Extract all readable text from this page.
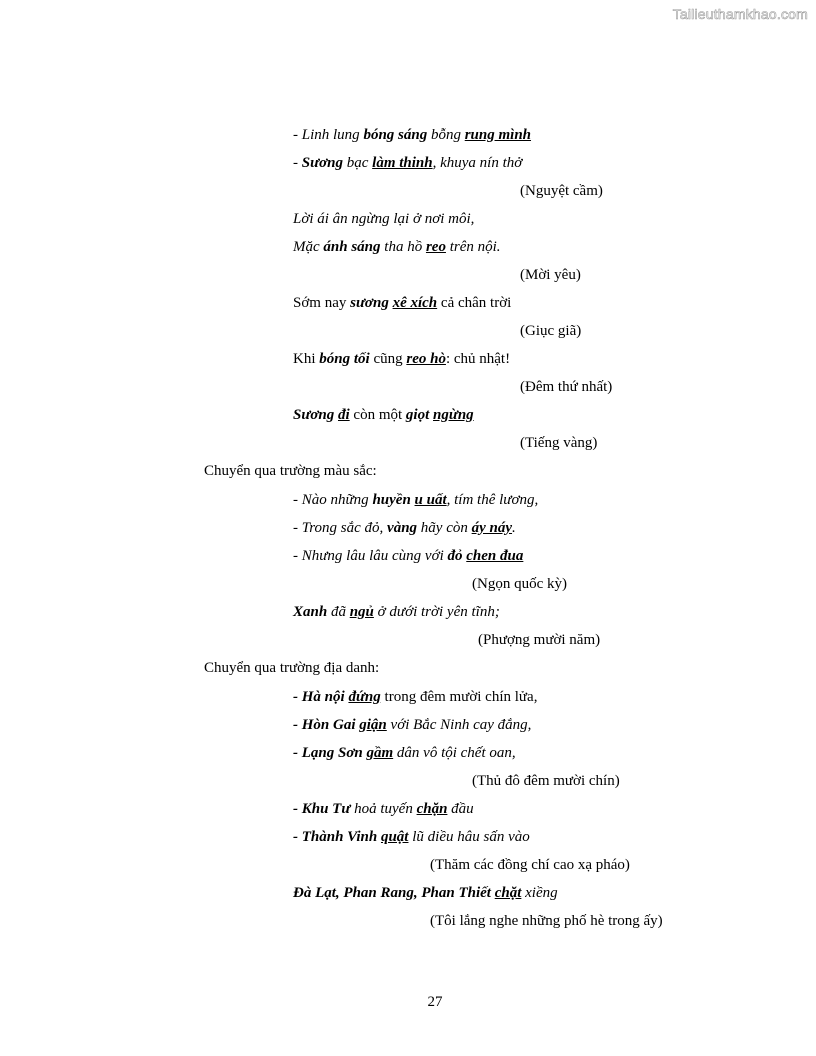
Tailieuthamkhao.com
- Linh lung bóng sáng bỗng rung mình
- Sương bạc làm thinh, khuya nín thở
(Nguyệt cầm)
Lời ái ân ngừng lại ở nơi môi,
Mặc ánh sáng tha hồ reo trên nội.
(Mời yêu)
Sớm nay sương xê xích cả chân trời
(Giục giã)
Khi bóng tối cũng reo hò: chủ nhật!
(Đêm thứ nhất)
Sương đi còn một giọt ngừng
(Tiếng vàng)
Chuyển qua trường màu sắc:
- Nào những huyền u uất, tím thê lương,
- Trong sắc đỏ, vàng hãy còn áy náy.
- Nhưng lâu lâu cùng với đỏ chen đua
(Ngọn quốc kỳ)
Xanh đã ngủ ở dưới trời yên tĩnh;
(Phượng mười năm)
Chuyển qua trường địa danh:
- Hà nội đứng trong đêm mười chín lửa,
- Hòn Gai giận với Bắc Ninh cay đắng,
- Lạng Sơn gầm dân vô tội chết oan,
(Thủ đô đêm mười chín)
- Khu Tư hoả tuyến chặn đầu
- Thành Vinh quật lũ diều hâu sấn vào
(Thăm các đồng chí cao xạ pháo)
Đà Lạt, Phan Rang, Phan Thiết chặt xiềng
(Tôi lắng nghe những phố hè trong ấy)
27
